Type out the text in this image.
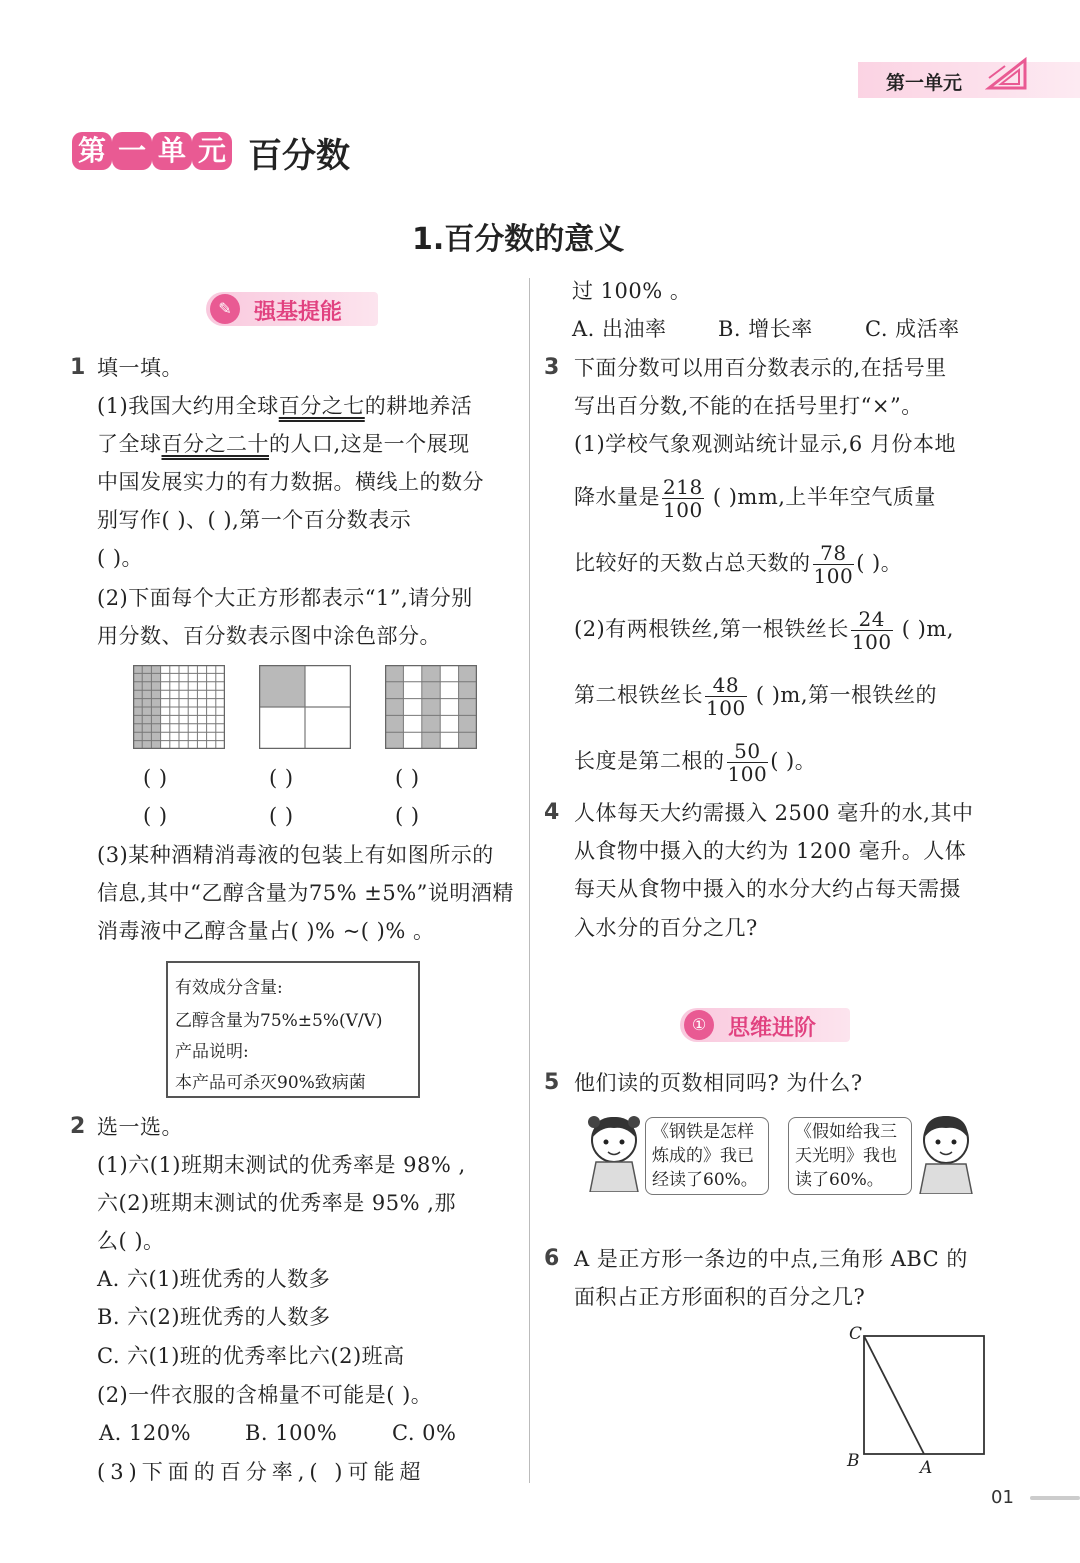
第一单元
第 一 单 元 百分数
1.百分数的意义
✎	强基提能
1 填一填。
(1)我国大约用全球百分之七的耕地养活
了全球百分之二十的人口,这是一个展现
中国发展实力的有力数据。横线上的数分
别写作( )、( ),第一个百分数表示
( )。
(2)下面每个大正方形都表示“1”,请分别
用分数、百分数表示图中涂色部分。
( )	( )	( )
( )	( )	( )
(3)某种酒精消毒液的包装上有如图所示的
信息,其中“乙醇含量为75% ±5%”说明酒精
消毒液中乙醇含量占( )% ~( )% 。
有效成分含量:
乙醇含量为75%±5%(V/V)
产品说明:
本产品可杀灭90%致病菌
2 选一选。
(1)六(1)班期末测试的优秀率是 98% ,
六(2)班期末测试的优秀率是 95% ,那
么( )。
A. 六(1)班优秀的人数多
B. 六(2)班优秀的人数多
C. 六(1)班的优秀率比六(2)班高
(2)一件衣服的含棉量不可能是( )。
A. 120%	B. 100%	C. 0%
(3)下面的百分率,( )可能超
过 100% 。
A. 出油率 B. 增长率 C. 成活率
3 下面分数可以用百分数表示的,在括号里
写出百分数,不能的在括号里打“×”。
(1)学校气象观测站统计显示,6 月份本地
降水量是 $\frac{218}{100}$ ( )mm,上半年空气质量
比较好的天数占总天数的 $\frac{78}{100}$ ( )。
(2)有两根铁丝,第一根铁丝长 $\frac{24}{100}$ ( )m,
第二根铁丝长 $\frac{48}{100}$ ( )m,第一根铁丝的
长度是第二根的 $\frac{50}{100}$ ( )。
4 人体每天大约需摄入 2500 毫升的水,其中
从食物中摄入的大约为 1200 毫升。人体
每天从食物中摄入的水分大约占每天需摄
入水分的百分之几?
① 思维进阶
5 他们读的页数相同吗? 为什么?
《钢铁是怎样
炼成的》我已
经读了60%。
《假如给我三
天光明》我也
读了60%。
6 A 是正方形一条边的中点,三角形 ABC 的
面积占正方形面积的百分之几?
C
B	A
01
